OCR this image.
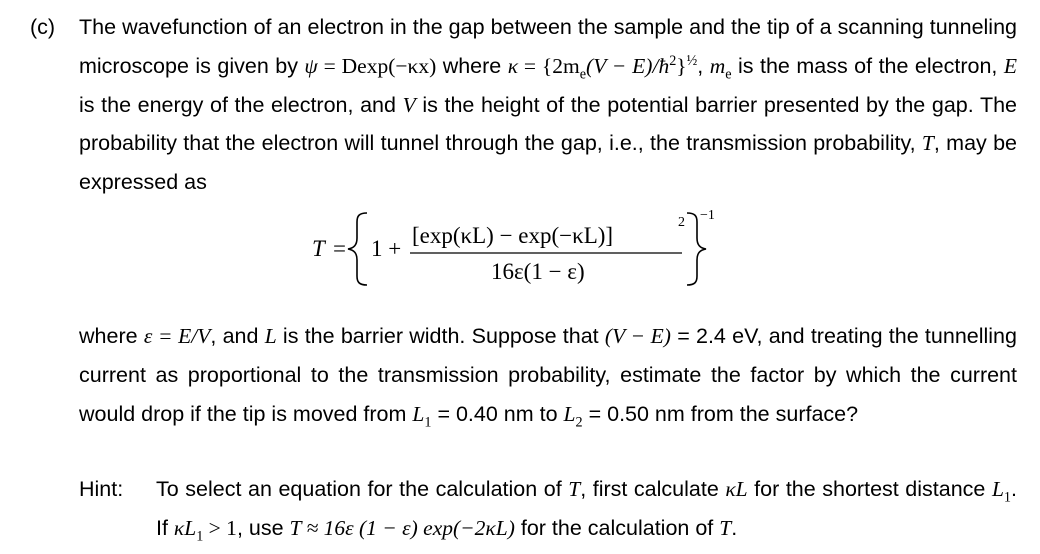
(c) The wavefunction of an electron in the gap between the sample and the tip of a scanning tunneling microscope is given by ψ = Dexp(−κx) where $\kappa = \{2m_e(V$ − $E)/ħ^2\}^{\frac{1}{2}}$, $m_e$ is the mass of the electron, E is the energy of the electron, and V is the height of the potential barrier presented by the gap. The probability that the electron will tunnel through the gap, i.e., the transmission probability, T, may be expressed as
T = 1 +
[exp(κL) − exp(−κL)]
2
16ε(1 − ε)
−1
where ε = E/V, and L is the barrier width. Suppose that (V − E) = 2.4 eV, and treating the tunnelling current as proportional to the transmission probability, estimate the factor by which the current would drop if the tip is moved from $L_1 = 0.40$ nm to $L_2 = 0.50$ nm from the surface?
Hint: To select an equation for the calculation of T, first calculate κL for the shortest distance $L_1$. If $\kappa L_1 > 1$, use T ≈ 16ε (1 − ε) exp(−2κL) for the calculation of T.
